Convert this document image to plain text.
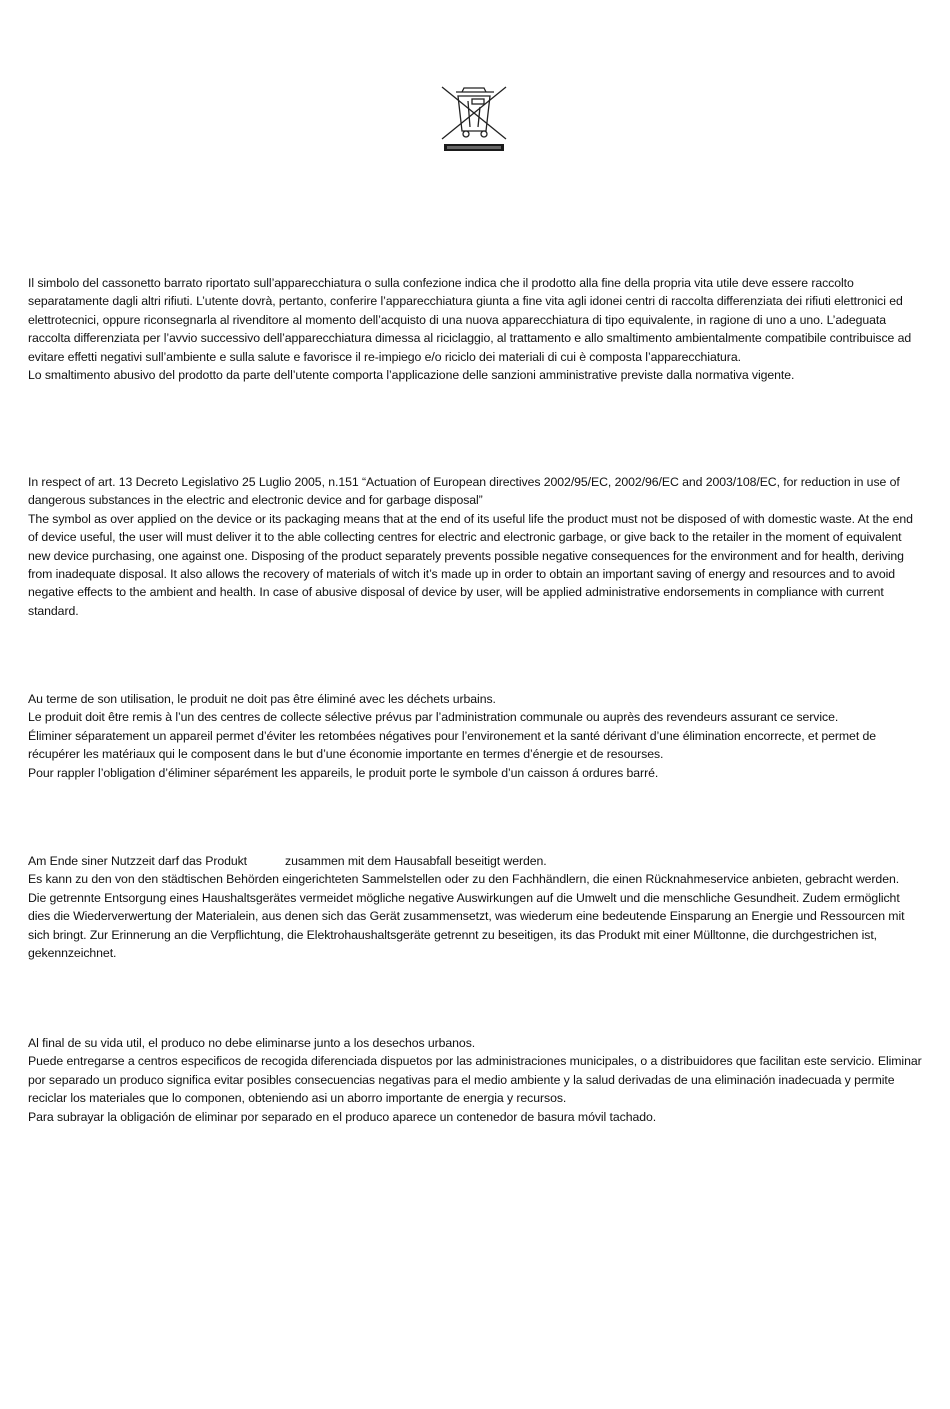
Il simbolo del cassonetto barrato riportato sull’apparecchiatura o sulla confezione indica che il prodotto alla fine della propria vita utile deve essere raccolto separatamente dagli altri rifiuti. L’utente dovrà, pertanto, conferire l’apparecchiatura giunta a fine vita agli idonei centri di raccolta differenziata dei rifiuti elettronici ed elettrotecnici, oppure riconsegnarla al rivenditore al momento dell’acquisto di una nuova apparecchiatura di tipo equivalente, in ragione di uno a uno. L’adeguata raccolta differenziata per l’avvio successivo dell’apparecchiatura dimessa al riciclaggio, al trattamento e allo smaltimento ambientalmente compatibile contribuisce ad evitare effetti negativi sull’ambiente e sulla salute e favorisce il re-impiego e/o riciclo dei materiali di cui è composta l’apparecchiatura.

Lo smaltimento abusivo del prodotto da parte dell’utente comporta l’applicazione delle sanzioni amministrative previste dalla normativa vigente.

In respect of art. 13 Decreto Legislativo 25 Luglio 2005, n.151 “Actuation of European directives 2002/95/EC, 2002/96/EC and 2003/108/EC, for reduction in use of dangerous substances in the electric and electronic device and for garbage disposal”

The symbol as over applied on the device or its packaging means that at the end of its useful life the product must not be disposed of with domestic waste. At the end of device useful, the user will must deliver it to the able collecting centres for electric and electronic garbage, or give back to the retailer in the moment of equivalent new device purchasing, one against one. Disposing of the product separately prevents possible negative consequences for the environment and for health, deriving from inadequate disposal. It also allows the recovery of materials of witch it’s made up in order to obtain an important saving of energy and resources and to avoid negative effects to the ambient and health. In case of abusive disposal of device by user, will be applied administrative endorsements in compliance with current standard.

Au terme de son utilisation, le produit ne doit pas être éliminé avec les déchets urbains.

Le produit doit être remis à l’un des centres de collecte sélective prévus par l’administration communale ou auprès des revendeurs assurant ce service.

Éliminer séparatement un appareil permet d’éviter les retombées négatives pour l’environement et la santé dérivant d’une élimination encorrecte, et permet de récupérer les matériaux qui le composent dans le but d’une économie importante en termes d’énergie et de resourses.

Pour rappler l’obligation d’éliminer séparément les appareils, le produit porte le symbole d’un caisson á ordures barré.

Am Ende siner Nutzzeit darf das Produkt	zusammen mit dem Hausabfall beseitigt werden.

Es kann zu den von den städtischen Behörden eingerichteten Sammelstellen oder zu den Fachhändlern, die einen Rücknahmeservice anbieten, gebracht werden.

Die getrennte Entsorgung eines Haushaltsgerätes vermeidet mögliche negative Auswirkungen auf die Umwelt und die menschliche Gesundheit. Zudem ermöglicht dies die Wiederverwertung der Materialein, aus denen sich das Gerät zusammensetzt, was wiederum eine bedeutende Einsparung an Energie und Ressourcen mit sich bringt. Zur Erinnerung an die Verpflichtung, die Elektrohaushaltsgeräte getrennt zu beseitigen, its das Produkt mit einer Mülltonne, die durchgestrichen ist, gekennzeichnet.

Al final de su vida util, el produco no debe eliminarse junto a los desechos urbanos.

Puede entregarse a centros especificos de recogida diferenciada dispuetos por las administraciones municipales, o a distribuidores que facilitan este servicio. Eliminar por separado un produco significa evitar posibles consecuencias negativas para el medio ambiente y la salud derivadas de una eliminación inadecuada y permite reciclar los materiales que lo componen, obteniendo asi un aborro importante de energia y recursos.

Para subrayar la obligación de eliminar por separado en el produco aparece un contenedor de basura móvil tachado.
